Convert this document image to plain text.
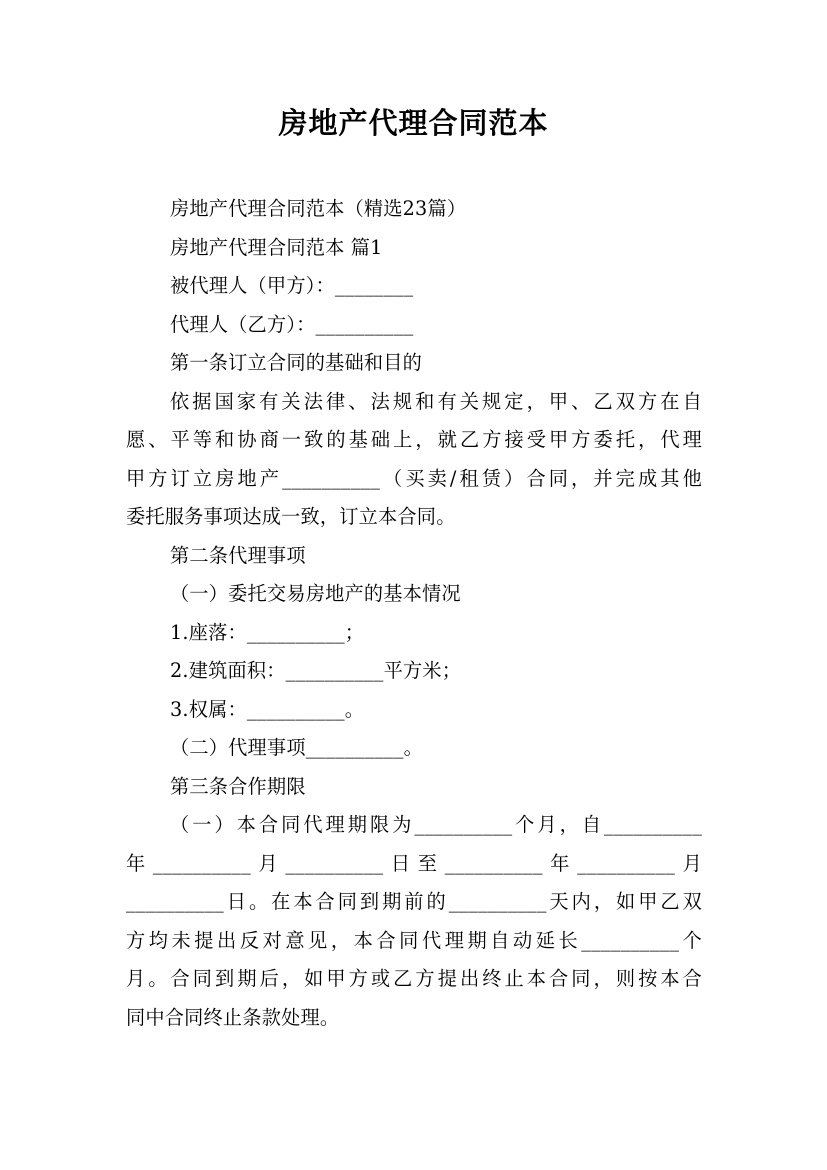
房地产代理合同范本
房地产代理合同范本（精选23篇）
房地产代理合同范本 篇1
被代理人（甲方）：________
代理人（乙方）：__________
第一条订立合同的基础和目的
依据国家有关法律、法规和有关规定，甲、乙双方在自
愿、平等和协商一致的基础上，就乙方接受甲方委托，代理
甲方订立房地产__________（买卖/租赁）合同，并完成其他
委托服务事项达成一致，订立本合同。
第二条代理事项
（一）委托交易房地产的基本情况
1.座落：__________；
2.建筑面积：__________平方米；
3.权属：__________。
（二）代理事项__________。
第三条合作期限
（一）本合同代理期限为__________个月，自__________
年__________月__________日至__________年__________月
__________日。在本合同到期前的__________天内，如甲乙双
方均未提出反对意见，本合同代理期自动延长__________个
月。合同到期后，如甲方或乙方提出终止本合同，则按本合
同中合同终止条款处理。
